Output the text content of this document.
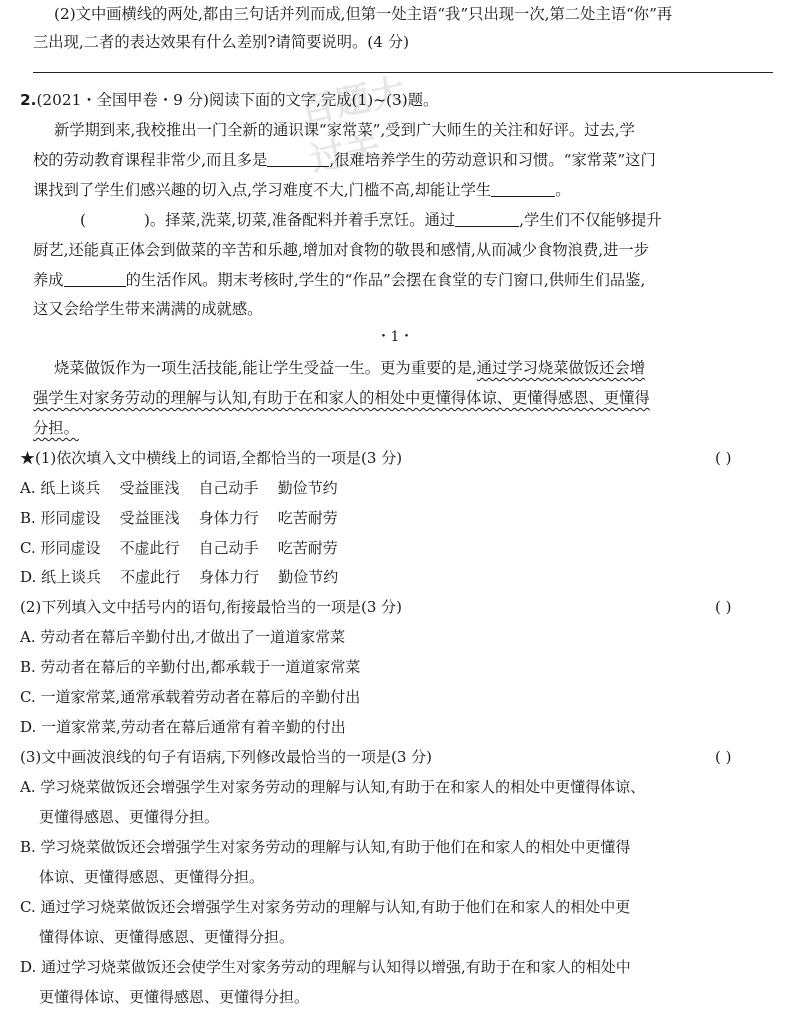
(2)文中画横线的两处,都由三句话并列而成,但第一处主语“我”只出现一次,第二处主语“你”再
三出现,二者的表达效果有什么差别?请简要说明。(4 分)
百题大过关
2.(2021・全国甲卷・9 分)阅读下面的文字,完成(1)~(3)题。
新学期到来,我校推出一门全新的通识课“家常菜”,受到广大师生的关注和好评。过去,学
校的劳动教育课程非常少,而且多是	,很难培养学生的劳动意识和习惯。“家常菜”这门
课找到了学生们感兴趣的切入点,学习难度不大,门槛不高,却能让学生	。
(	)。择菜,洗菜,切菜,准备配料并着手烹饪。通过	,学生们不仅能够提升
厨艺,还能真正体会到做菜的辛苦和乐趣,增加对食物的敬畏和感情,从而减少食物浪费,进一步
养成	的生活作风。期末考核时,学生的“作品”会摆在食堂的专门窗口,供师生们品鉴,
这又会给学生带来满满的成就感。
・1・
烧菜做饭作为一项生活技能,能让学生受益一生。更为重要的是,通过学习烧菜做饭还会增
强学生对家务劳动的理解与认知,有助于在和家人的相处中更懂得体谅、更懂得感恩、更懂得
分担。
★(1)依次填入文中横线上的词语,全都恰当的一项是(3 分)	( )
A. 纸上谈兵    受益匪浅    自己动手    勤俭节约
B. 形同虚设    受益匪浅    身体力行    吃苦耐劳
C. 形同虚设    不虚此行    自己动手    吃苦耐劳
D. 纸上谈兵    不虚此行    身体力行    勤俭节约
(2)下列填入文中括号内的语句,衔接最恰当的一项是(3 分)	( )
A. 劳动者在幕后辛勤付出,才做出了一道道家常菜
B. 劳动者在幕后的辛勤付出,都承载于一道道家常菜
C. 一道家常菜,通常承载着劳动者在幕后的辛勤付出
D. 一道家常菜,劳动者在幕后通常有着辛勤的付出
(3)文中画波浪线的句子有语病,下列修改最恰当的一项是(3 分)	( )
A. 学习烧菜做饭还会增强学生对家务劳动的理解与认知,有助于在和家人的相处中更懂得体谅、
更懂得感恩、更懂得分担。
B. 学习烧菜做饭还会增强学生对家务劳动的理解与认知,有助于他们在和家人的相处中更懂得
体谅、更懂得感恩、更懂得分担。
C. 通过学习烧菜做饭还会增强学生对家务劳动的理解与认知,有助于他们在和家人的相处中更
懂得体谅、更懂得感恩、更懂得分担。
D. 通过学习烧菜做饭还会使学生对家务劳动的理解与认知得以增强,有助于在和家人的相处中
更懂得体谅、更懂得感恩、更懂得分担。
